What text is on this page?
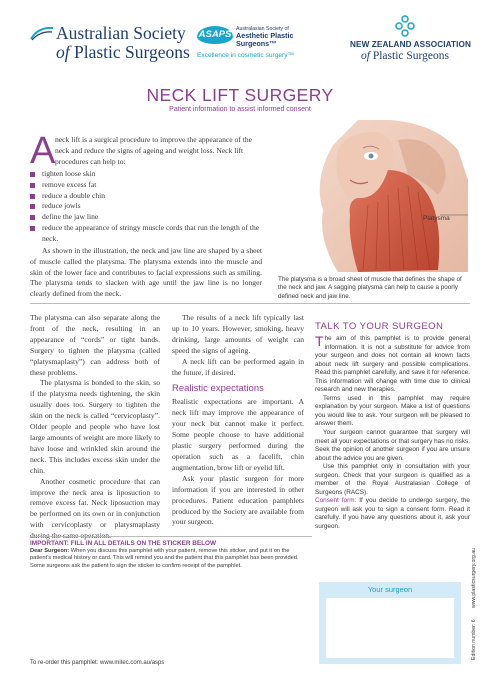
Australian Society
of Plastic Surgeons
ASAPS Australasian Society of
Aesthetic Plastic
Surgeons™
Excellence in cosmetic surgery™
NEW ZEALAND ASSOCIATION
of Plastic Surgeons
NECK LIFT SURGERY
Patient information to assist informed consent
A neck lift is a surgical procedure to improve the appearance of the neck and reduce the signs of ageing and weight loss. Neck lift procedures can help to:
tighten loose skin
remove excess fat
reduce a double chin
reduce jowls
define the jaw line
reduce the appearance of stringy muscle cords that run the length of the neck.
As shown in the illustration, the neck and jaw line are shaped by a sheet of muscle called the platysma. The platysma extends into the muscle and skin of the lower face and contributes to facial expressions such as smiling. The platysma tends to slacken with age until the jaw line is no longer clearly defined from the neck.
Platysma
The platysma is a broad sheet of muscle that defines the shape of the neck and jaw. A sagging platysma can help to cause a poorly defined neck and jaw line.

The platysma can also separate along the front of the neck, resulting in an appearance of “cords” or tight bands. Surgery to tighten the platysma (called “platysmaplasty”) can address both of these problems.

The platysma is bonded to the skin, so if the platysma needs tightening, the skin usually does too. Surgery to tighten the skin on the neck is called “cervicoplasty”. Older people and people who have lost large amounts of weight are more likely to have loose and wrinkled skin around the neck. This includes excess skin under the chin.

Another cosmetic procedure that can improve the neck area is liposuction to remove excess fat. Neck liposuction may be performed on its own or in conjunction with cervicoplasty or platysmaplasty

The results of a neck lift typically last up to 10 years. However, smoking, heavy drinking, large amounts of weight can speed the signs of ageing.

A neck lift can be performed again in the future, if desired.

Realistic expectations

Realistic expectations are important. A neck lift may improve the appearance of your neck but cannot make it perfect. Some people choose to have additional plastic surgery performed during the operation such as a facelift, chin augmentation, brow lift or eyelid lift.

Ask your plastic surgeon for more information if you are interested in other procedures. Patient education pamphlets produced by the Society are available from your surgeon.

TALK TO YOUR SURGEON
The aim of this pamphlet is to provide general information. It is not a substitute for advice from your surgeon and does not contain all known facts about neck lift surgery and possible complications. Read this pamphlet carefully, and save it for reference. This information will change with time due to clinical research and new therapies.
Terms used in this pamphlet may require explanation by your surgeon. Make a list of questions you would like to ask. Your surgeon will be pleased to answer them.
Your surgeon cannot guarantee that surgery will meet all your expectations or that surgery has no risks. Seek the opinion of another surgeon if you are unsure about the advice you are given.
Use this pamphlet only in consultation with your surgeon. Check that your surgeon is qualified as a member of the Royal Australasian College of Surgeons (RACS).
Consent form: If you decide to undergo surgery, the surgeon will ask you to sign a consent form. Read it carefully. If you have any questions about it, ask your surgeon.
Your surgeon
IMPORTANT: FILL IN ALL DETAILS ON THE STICKER BELOW
Dear Surgeon: When you discuss this pamphlet with your patient, remove this sticker, and put it on the patient’s medical history or card. This will remind you and the patient that this pamphlet has been provided. Some surgeons ask the patient to sign the sticker to confirm receipt of the pamphlet.
To re-order this pamphlet: www.mitec.com.au/asps
Edition number: 6
www.plasticsurgery.org.au
